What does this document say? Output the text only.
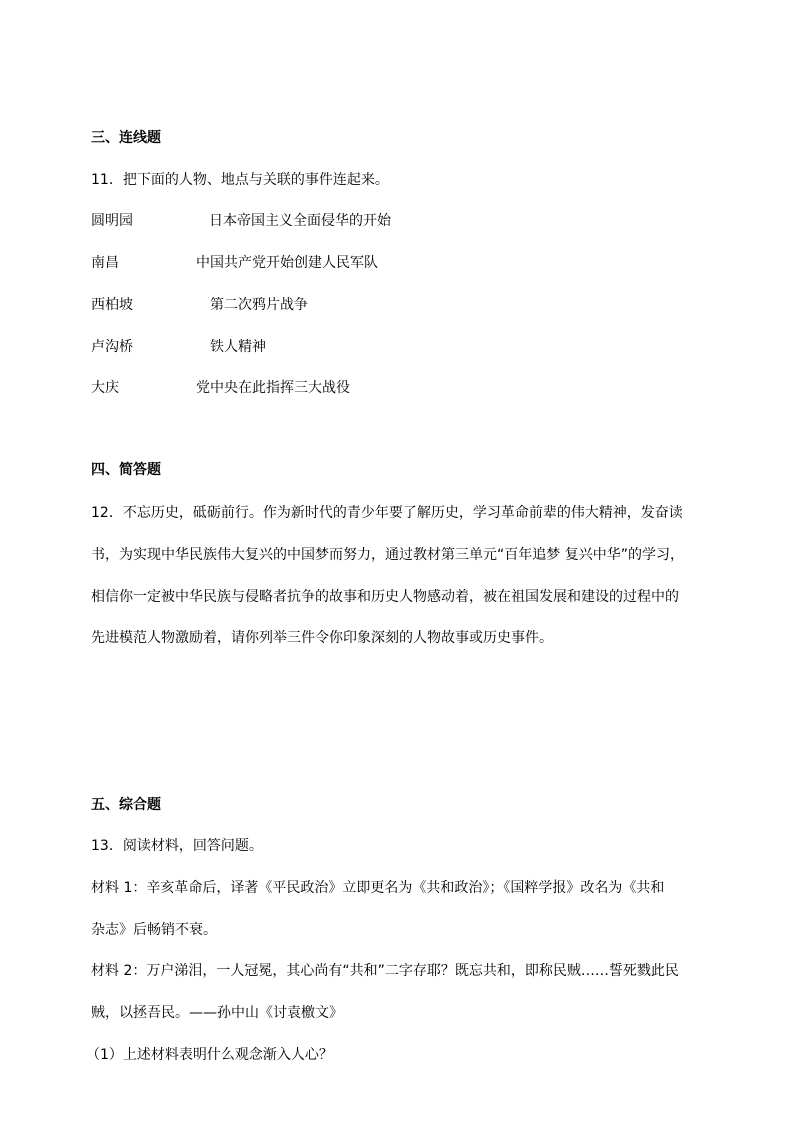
三、连线题
11．把下面的人物、地点与关联的事件连起来。
圆明园	日本帝国主义全面侵华的开始
南昌	中国共产党开始创建人民军队
西柏坡	第二次鸦片战争
卢沟桥	铁人精神
大庆	党中央在此指挥三大战役
四、简答题
12．不忘历史，砥砺前行。作为新时代的青少年要了解历史，学习革命前辈的伟大精神，发奋读
书，为实现中华民族伟大复兴的中国梦而努力，通过教材第三单元“百年追梦 复兴中华”的学习，
相信你一定被中华民族与侵略者抗争的故事和历史人物感动着，被在祖国发展和建设的过程中的
先进模范人物激励着，请你列举三件令你印象深刻的人物故事或历史事件。
五、综合题
13．阅读材料，回答问题。
材料 1：辛亥革命后，译著《平民政治》立即更名为《共和政治》；《国粹学报》改名为《共和
杂志》后畅销不衰。
材料 2：万户涕泪，一人冠冕，其心尚有“共和”二字存耶？既忘共和，即称民贼……誓死戮此民
贼，以拯吾民。——孙中山《讨袁檄文》
（1）上述材料表明什么观念渐入人心？
